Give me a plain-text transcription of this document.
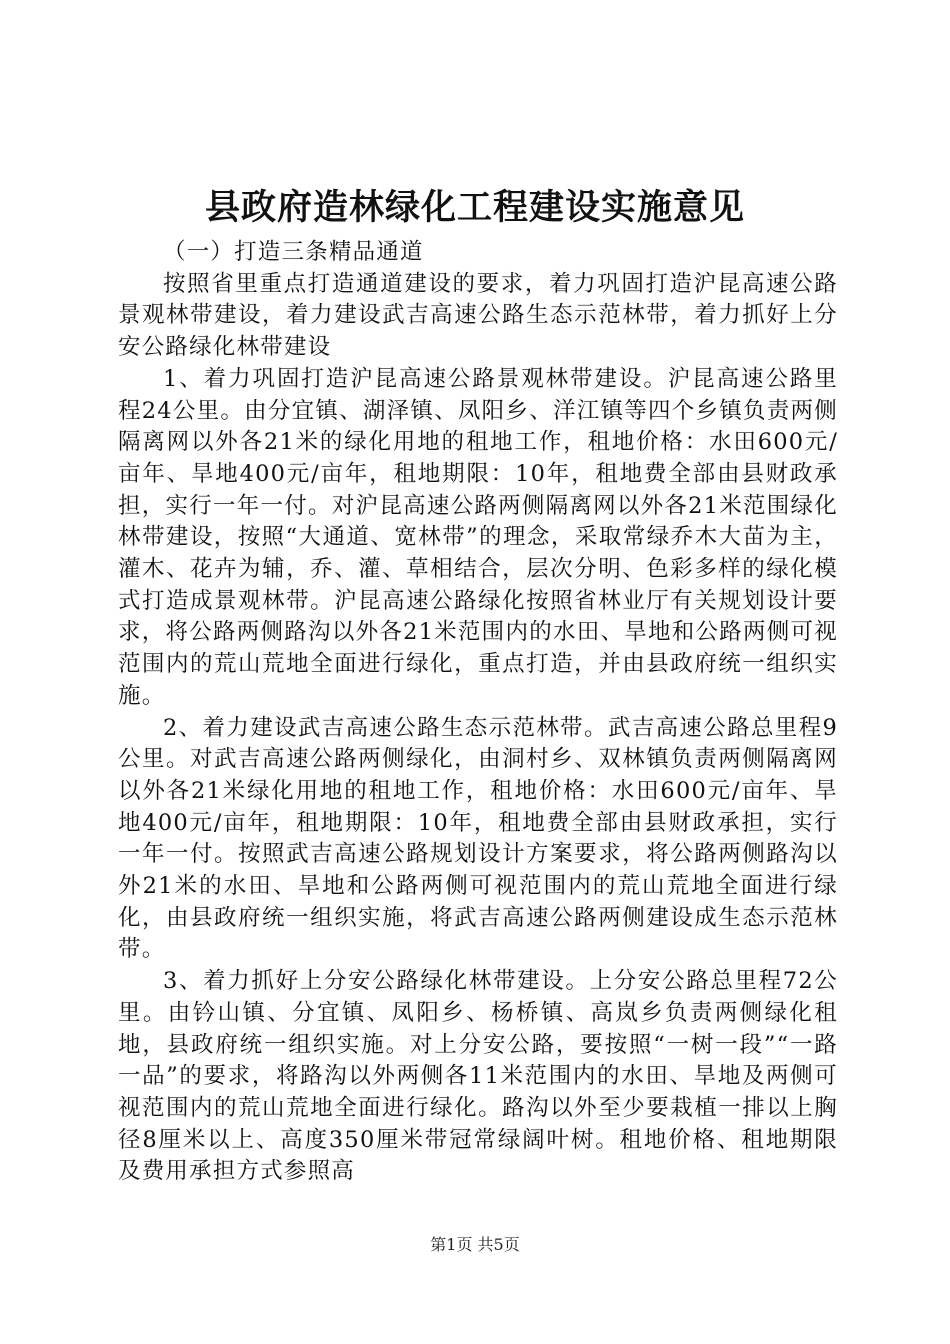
县政府造林绿化工程建设实施意见

（一）打造三条精品通道

按照省里重点打造通道建设的要求，着力巩固打造沪昆高速公路景观林带建设，着力建设武吉高速公路生态示范林带，着力抓好上分安公路绿化林带建设

1、着力巩固打造沪昆高速公路景观林带建设。沪昆高速公路里程24公里。由分宜镇、湖泽镇、凤阳乡、洋江镇等四个乡镇负责两侧隔离网以外各21米的绿化用地的租地工作，租地价格：水田600元/亩年、旱地400元/亩年，租地期限：10年，租地费全部由县财政承担，实行一年一付。对沪昆高速公路两侧隔离网以外各21米范围绿化林带建设，按照“大通道、宽林带”的理念，采取常绿乔木大苗为主，灌木、花卉为辅，乔、灌、草相结合，层次分明、色彩多样的绿化模式打造成景观林带。沪昆高速公路绿化按照省林业厅有关规划设计要求，将公路两侧路沟以外各21米范围内的水田、旱地和公路两侧可视范围内的荒山荒地全面进行绿化，重点打造，并由县政府统一组织实施。

2、着力建设武吉高速公路生态示范林带。武吉高速公路总里程9公里。对武吉高速公路两侧绿化，由洞村乡、双林镇负责两侧隔离网以外各21米绿化用地的租地工作，租地价格：水田600元/亩年、旱地400元/亩年，租地期限：10年，租地费全部由县财政承担，实行一年一付。按照武吉高速公路规划设计方案要求，将公路两侧路沟以外21米的水田、旱地和公路两侧可视范围内的荒山荒地全面进行绿化，由县政府统一组织实施，将武吉高速公路两侧建设成生态示范林带。

3、着力抓好上分安公路绿化林带建设。上分安公路总里程72公里。由钤山镇、分宜镇、凤阳乡、杨桥镇、高岚乡负责两侧绿化租地，县政府统一组织实施。对上分安公路，要按照“一树一段”“一路一品”的要求，将路沟以外两侧各11米范围内的水田、旱地及两侧可视范围内的荒山荒地全面进行绿化。路沟以外至少要栽植一排以上胸径8厘米以上、高度350厘米带冠常绿阔叶树。租地价格、租地期限及费用承担方式参照高

第1页 共5页
